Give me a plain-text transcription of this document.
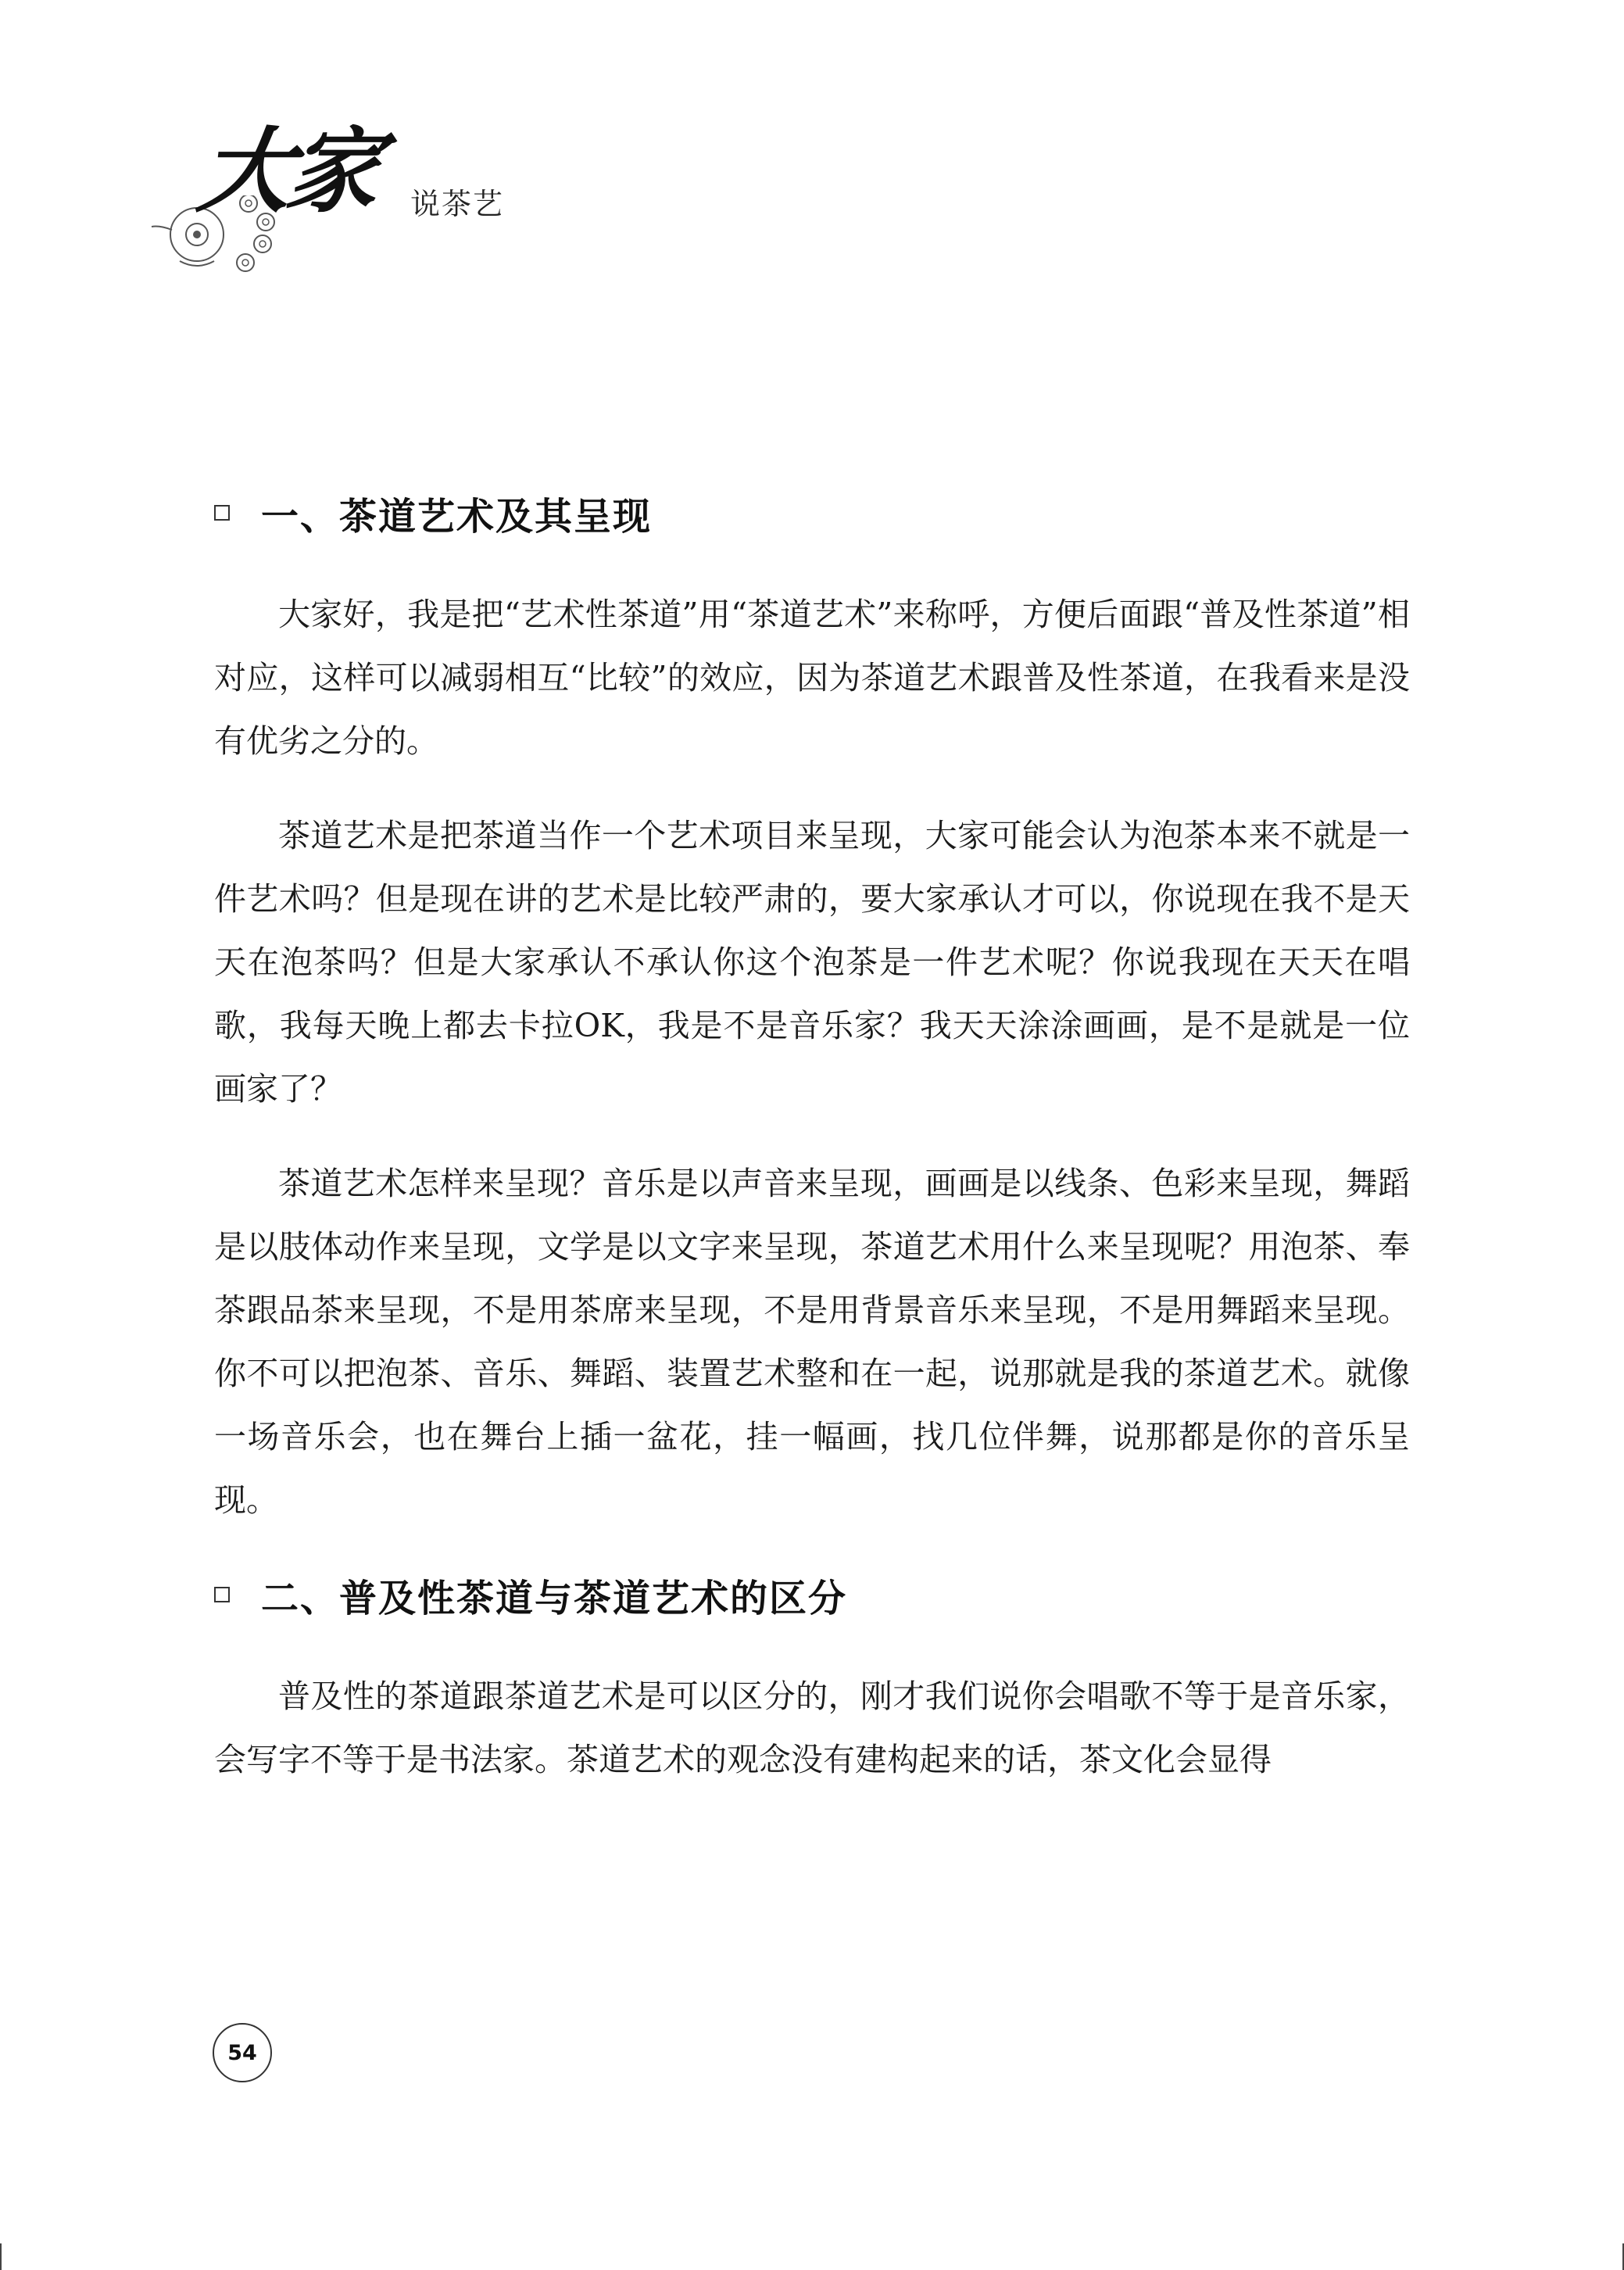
大家 说茶艺
一、茶道艺术及其呈现

大家好，我是把“艺术性茶道”用“茶道艺术”来称呼，方便后面跟“普及性茶道”相对应，这样可以减弱相互“比较”的效应，因为茶道艺术跟普及性茶道，在我看来是没有优劣之分的。

茶道艺术是把茶道当作一个艺术项目来呈现，大家可能会认为泡茶本来不就是一件艺术吗？但是现在讲的艺术是比较严肃的，要大家承认才可以，你说现在我不是天天在泡茶吗？但是大家承认不承认你这个泡茶是一件艺术呢？你说我现在天天在唱歌，我每天晚上都去卡拉OK，我是不是音乐家？我天天涂涂画画，是不是就是一位画家了？

茶道艺术怎样来呈现？音乐是以声音来呈现，画画是以线条、色彩来呈现，舞蹈是以肢体动作来呈现，文学是以文字来呈现，茶道艺术用什么来呈现呢？用泡茶、奉茶跟品茶来呈现，不是用茶席来呈现，不是用背景音乐来呈现，不是用舞蹈来呈现。你不可以把泡茶、音乐、舞蹈、装置艺术整和在一起，说那就是我的茶道艺术。就像一场音乐会，也在舞台上插一盆花，挂一幅画，找几位伴舞，说那都是你的音乐呈现。

二、普及性茶道与茶道艺术的区分

普及性的茶道跟茶道艺术是可以区分的，刚才我们说你会唱歌不等于是音乐家，会写字不等于是书法家。茶道艺术的观念没有建构起来的话，茶文化会显得

54
